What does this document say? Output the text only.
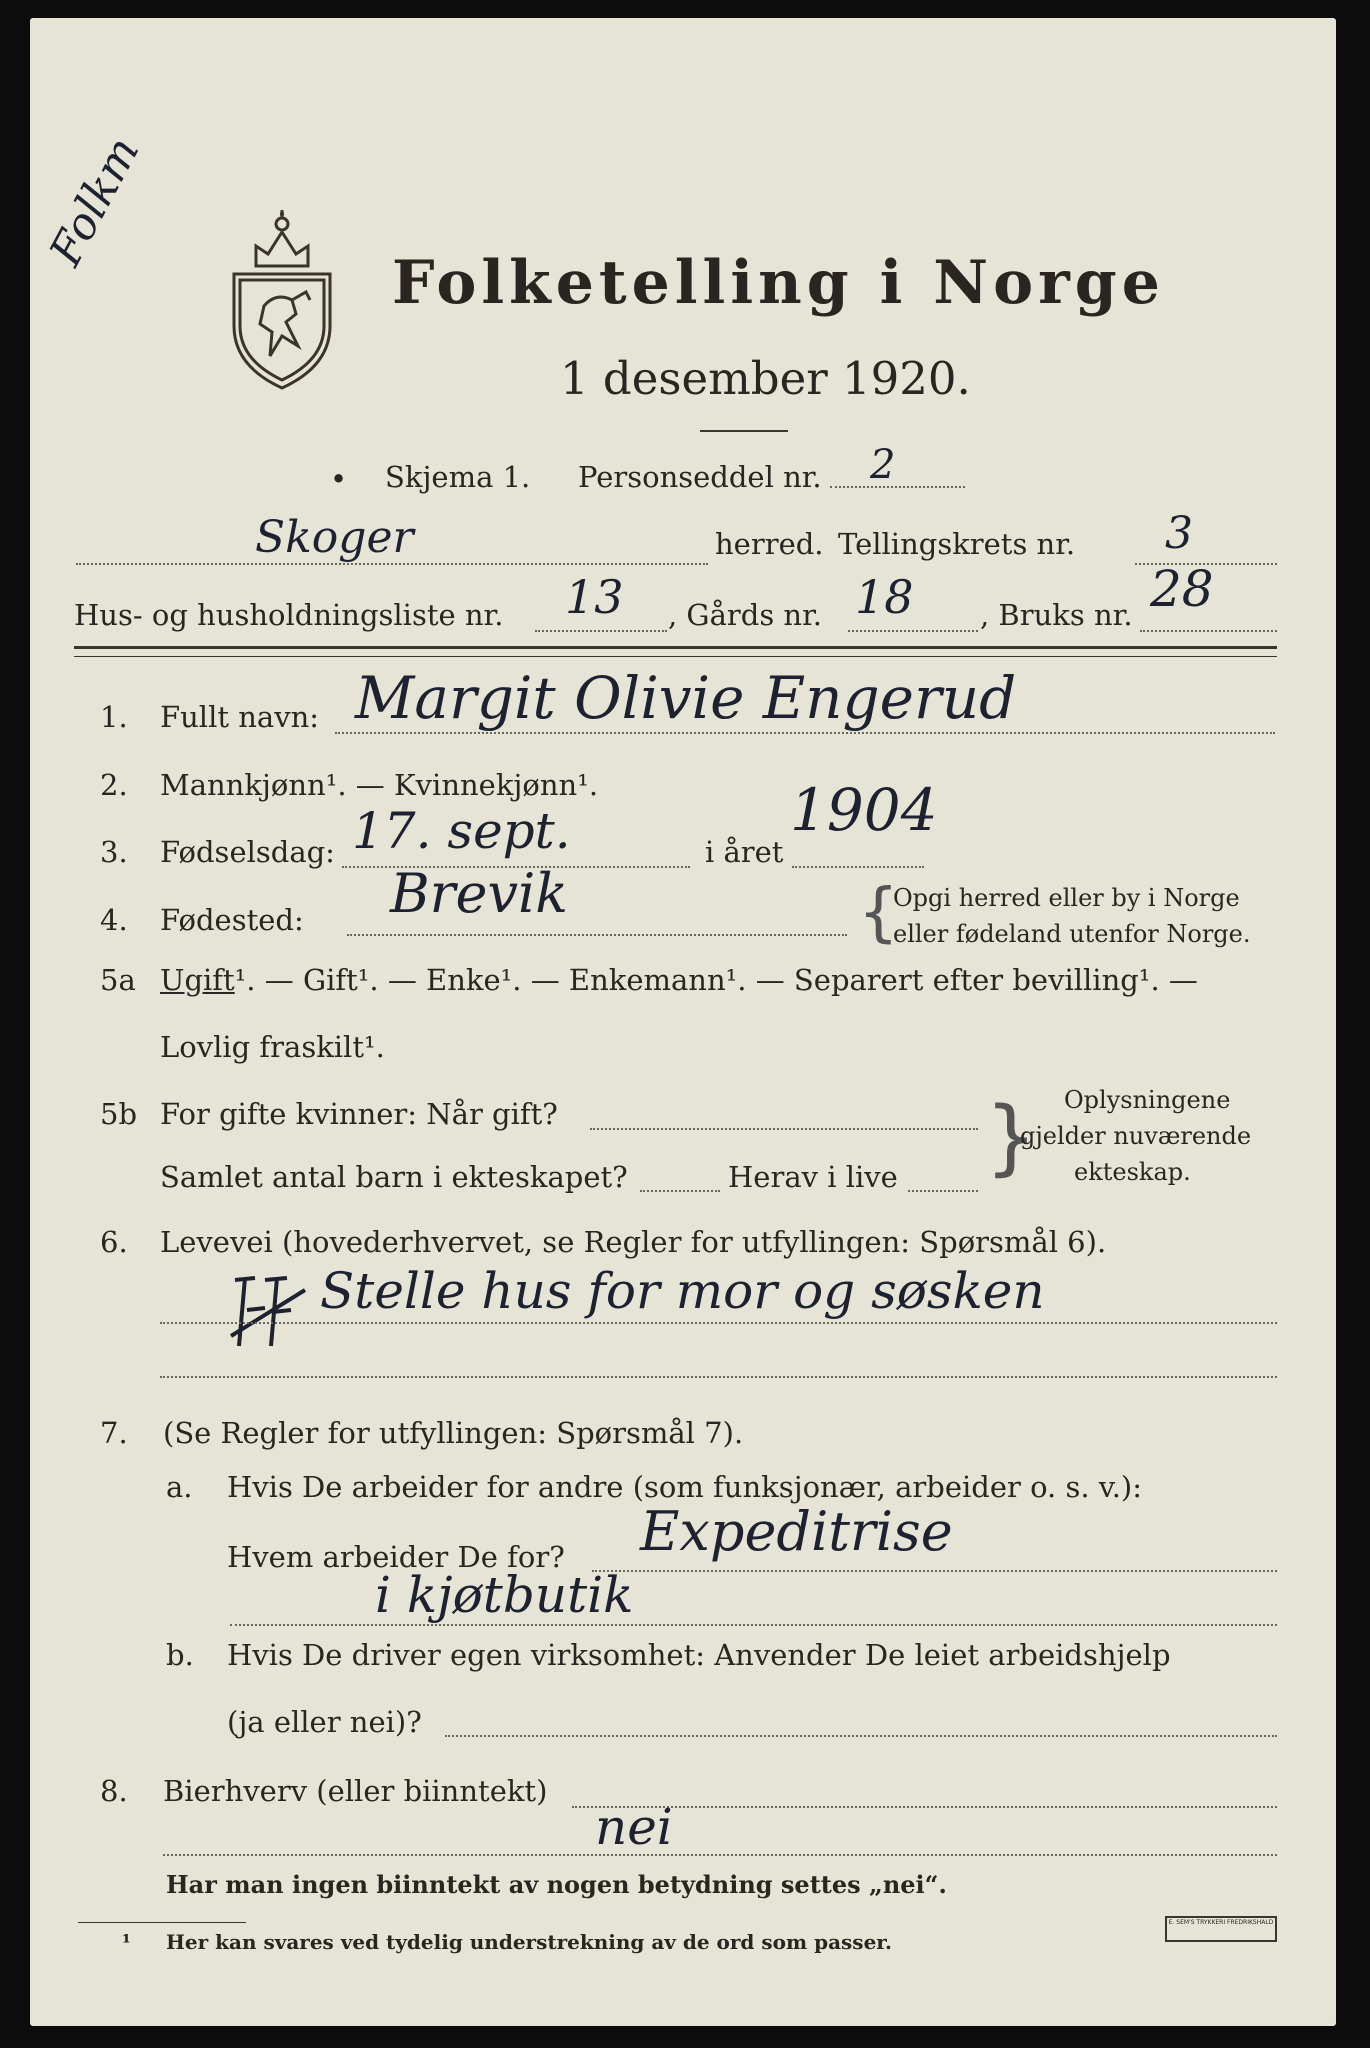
Folkm
Folketelling i Norge
1 desember 1920.
• Skjema 1. Personseddel nr. 2
Skoger	herred. Tellingskrets nr. 3
Hus- og husholdningsliste nr. 13 , Gårds nr. 18 , Bruks nr. 28
1. Fullt navn: Margit Olivie Engerud
2. Mannkjønn¹. — Kvinnekjønn¹.
3. Fødselsdag: 17. sept.	i året
1904
4. Fødested: Brevik	{
Opgi herred eller by i Norge
eller fødeland utenfor Norge.
5a Ugift¹. — Gift¹. — Enke¹. — Enkemann¹. — Separert efter bevilling¹. —
Lovlig fraskilt¹.
5b For gifte kvinner: Når gift?
Samlet antal barn i ekteskapet?	Herav i live { Oplysningene
gjelder nuværende
ekteskap.
6. Levevei (hovederhvervet, se Regler for utfyllingen: Spørsmål 6).
Stelle hus for mor og søsken
7. (Se Regler for utfyllingen: Spørsmål 7).
a. Hvis De arbeider for andre (som funksjonær, arbeider o. s. v.):
Hvem arbeider De for? Expeditrise
i kjøtbutik
b. Hvis De driver egen virksomhet: Anvender De leiet arbeidshjelp
(ja eller nei)?
8. Bierhverv (eller biinntekt)
nei
Har man ingen biinntekt av nogen betydning settes „nei“.
¹ Her kan svares ved tydelig understrekning av de ord som passer.
E. SEM'S TRYKKERI FREDRIKSHALD
